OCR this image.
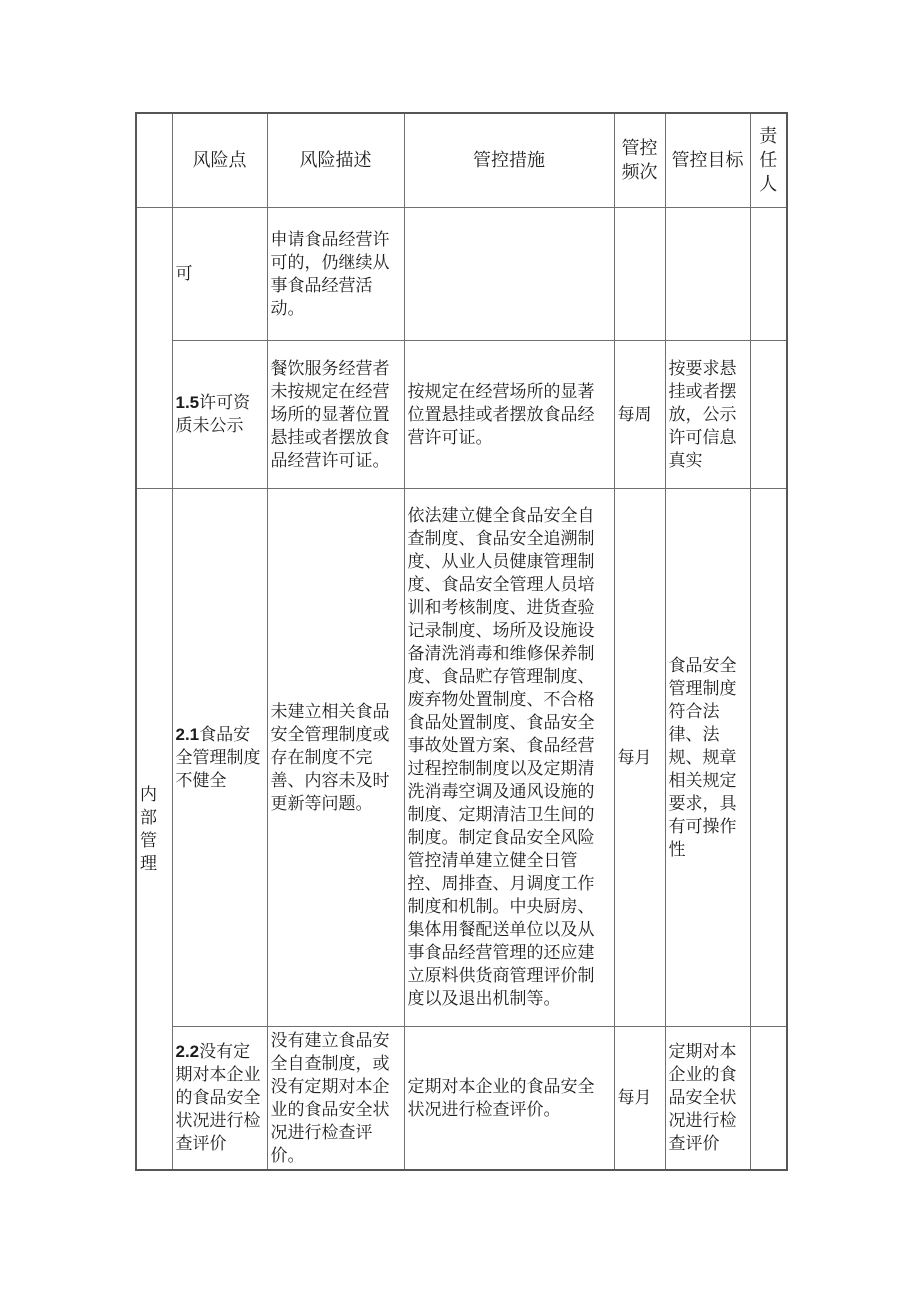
	风险点	风险描述	管控措施	管控频次	管控目标	责任人
	可	申请食品经营许可的，仍继续从事食品经营活动。				
	1.5许可资质未公示	餐饮服务经营者未按规定在经营场所的显著位置悬挂或者摆放食品经营许可证。	按规定在经营场所的显著位置悬挂或者摆放食品经营许可证。	每周	按要求悬挂或者摆放，公示许可信息真实	
内部管理	2.1食品安全管理制度不健全	未建立相关食品安全管理制度或存在制度不完善、内容未及时更新等问题。	依法建立健全食品安全自查制度、食品安全追溯制度、从业人员健康管理制度、食品安全管理人员培训和考核制度、进货查验记录制度、场所及设施设备清洗消毒和维修保养制度、食品贮存管理制度、废弃物处置制度、不合格食品处置制度、食品安全事故处置方案、食品经营过程控制制度以及定期清洗消毒空调及通风设施的制度、定期清洁卫生间的制度。制定食品安全风险管控清单建立健全日管控、周排查、月调度工作制度和机制。中央厨房、集体用餐配送单位以及从事食品经营管理的还应建立原料供货商管理评价制度以及退出机制等。	每月	食品安全管理制度符合法律、法规、规章相关规定要求，具有可操作性	
	2.2没有定期对本企业的食品安全状况进行检查评价	没有建立食品安全自查制度，或没有定期对本企业的食品安全状况进行检查评价。	定期对本企业的食品安全状况进行检查评价。	每月	定期对本企业的食品安全状况进行检查评价	
